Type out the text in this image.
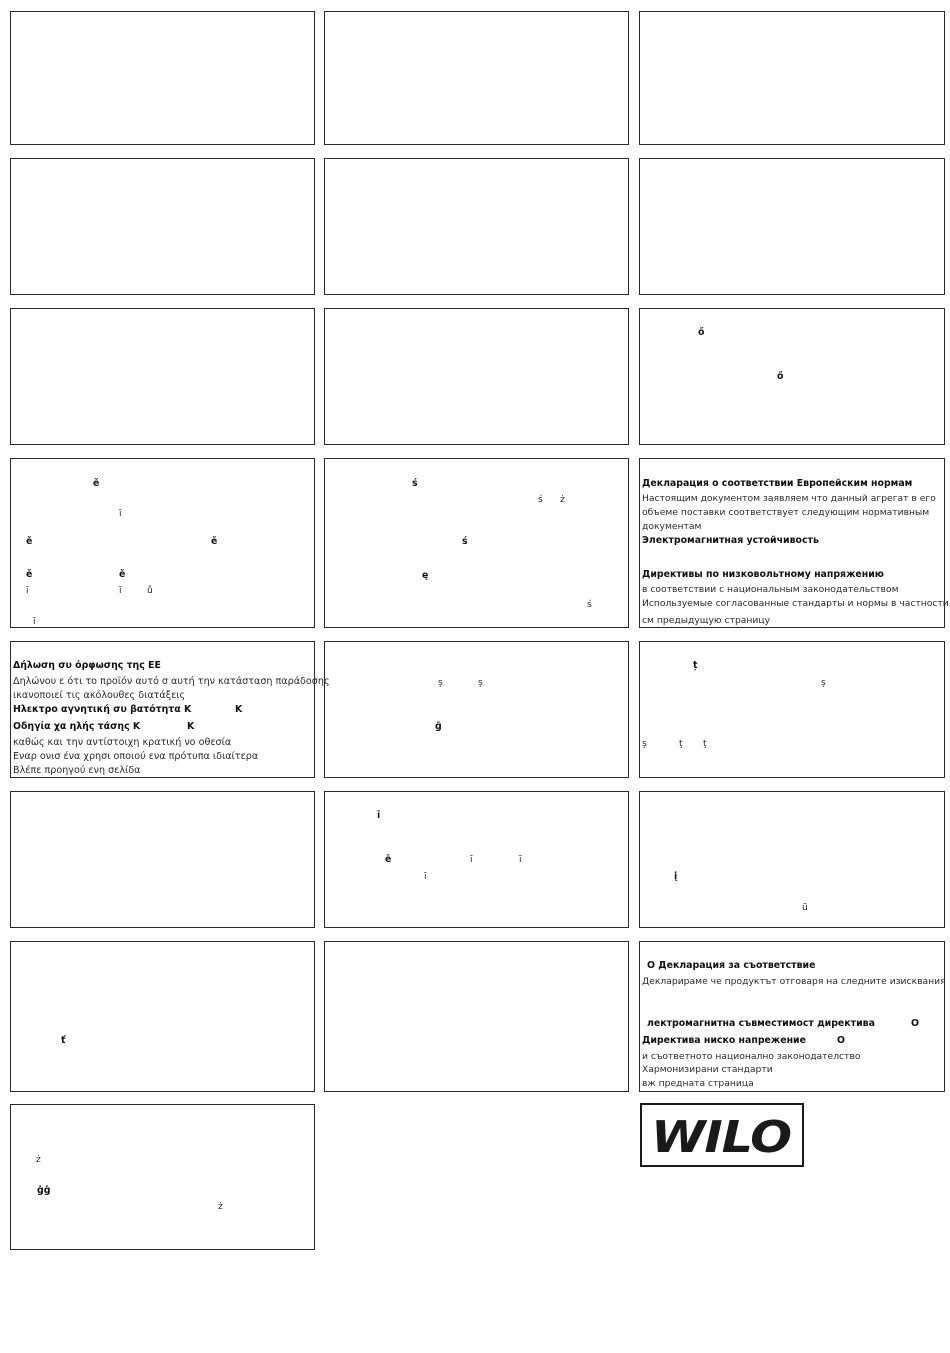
ő
ő
ě
ī
ě	ě
ě	ě
ī	ī	ů
ī
ś
ś ż
ś
ę
ś
Декларация о соответствии Европейским нормам
Настоящим документом заявляем что данный агрегат в его
объеме поставки соответствует следующим нормативным
документам
Электромагнитная устойчивость
Директивы по низковольтному напряжению
в соответствии с национальным законодательством
Используемые согласованные стандарты и нормы в частности
см предыдущую страницу
Δήλωση συ όρφωσης της ΕΕ
Δηλώνου ε ότι το προϊόν αυτό σ αυτή την κατάσταση παράδοσης
ικανοποιεί τις ακόλουθες διατάξεις
Ηλεκτρο αγνητική συ βατότητα Κ	Κ
Οδηγία χα ηλής τάσης Κ	Κ
καθώς και την αντίστοιχη κρατική νο οθεσία
Εναρ ονισ ένα χρησι οποιού ενα πρότυπα ιδιαίτερα
Βλέπε προηγού ενη σελίδα
ş	ş
ğ
ț
ş
ş	ţ ţ
ī
ē	ī	ī
ī	į
ū
ť
О Декларация за съответствие
Декларираме че продуктът отговаря на следните изисквания
лектромагнитна съвместимост директива	О
Директива ниско напрежение	О
и съответното национално законодателство
Хармонизирани стандарти
вж предната страница
ż
ġġ
ż
WILO
